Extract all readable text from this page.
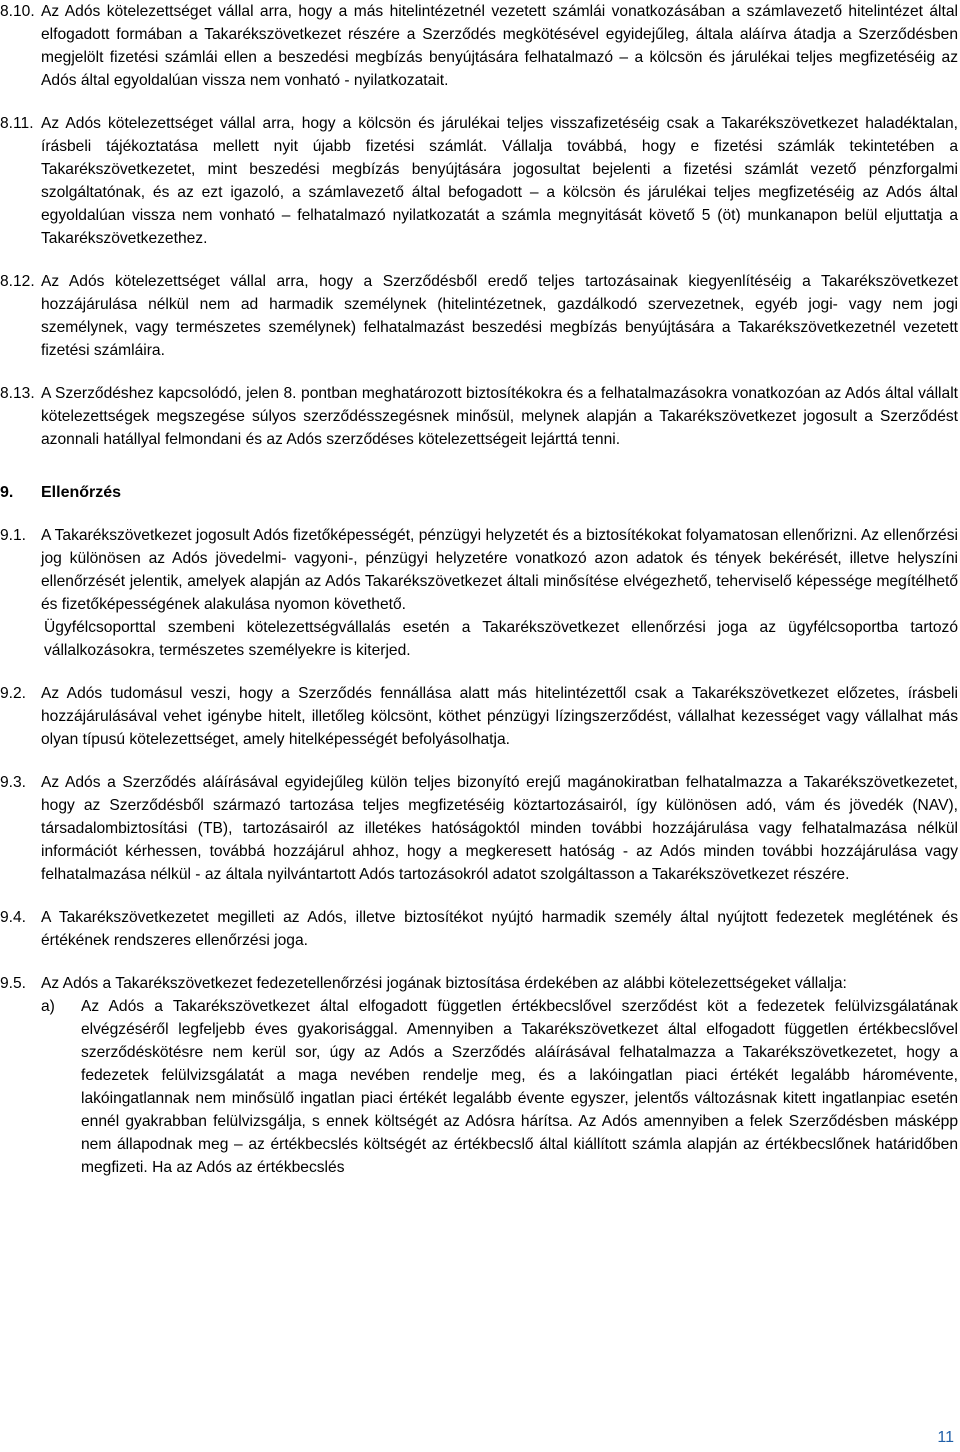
8.10. Az Adós kötelezettséget vállal arra, hogy a más hitelintézetnél vezetett számlái vonatkozásában a számlavezető hitelintézet által elfogadott formában a Takarékszövetkezet részére a Szerződés megkötésével egyidejűleg, általa aláírva átadja a Szerződésben megjelölt fizetési számlái ellen a beszedési megbízás benyújtására felhatalmazó – a kölcsön és járulékai teljes megfizetéséig az Adós által egyoldalúan vissza nem vonható - nyilatkozatait.

8.11. Az Adós kötelezettséget vállal arra, hogy a kölcsön és járulékai teljes visszafizetéséig csak a Takarékszövetkezet haladéktalan, írásbeli tájékoztatása mellett nyit újabb fizetési számlát. Vállalja továbbá, hogy e fizetési számlák tekintetében a Takarékszövetkezetet, mint beszedési megbízás benyújtására jogosultat bejelenti a fizetési számlát vezető pénzforgalmi szolgáltatónak, és az ezt igazoló, a számlavezető által befogadott – a kölcsön és járulékai teljes megfizetéséig az Adós által egyoldalúan vissza nem vonható – felhatalmazó nyilatkozatát a számla megnyitását követő 5 (öt) munkanapon belül eljuttatja a Takarékszövetkezethez.

8.12. Az Adós kötelezettséget vállal arra, hogy a Szerződésből eredő teljes tartozásainak kiegyenlítéséig a Takarékszövetkezet hozzájárulása nélkül nem ad harmadik személynek (hitelintézetnek, gazdálkodó szervezetnek, egyéb jogi- vagy nem jogi személynek, vagy természetes személynek) felhatalmazást beszedési megbízás benyújtására a Takarékszövetkezetnél vezetett fizetési számláira.

8.13. A Szerződéshez kapcsolódó, jelen 8. pontban meghatározott biztosítékokra és a felhatalmazásokra vonatkozóan az Adós által vállalt kötelezettségek megszegése súlyos szerződésszegésnek minősül, melynek alapján a Takarékszövetkezet jogosult a Szerződést azonnali hatállyal felmondani és az Adós szerződéses kötelezettségeit lejárttá tenni.

9. Ellenőrzés

9.1. A Takarékszövetkezet jogosult Adós fizetőképességét, pénzügyi helyzetét és a biztosítékokat folyamatosan ellenőrizni. Az ellenőrzési jog különösen az Adós jövedelmi- vagyoni-, pénzügyi helyzetére vonatkozó azon adatok és tények bekérését, illetve helyszíni ellenőrzését jelentik, amelyek alapján az Adós Takarékszövetkezet általi minősítése elvégezhető, teherviselő képessége megítélhető és fizetőképességének alakulása nyomon követhető.

Ügyfélcsoporttal szembeni kötelezettségvállalás esetén a Takarékszövetkezet ellenőrzési joga az ügyfélcsoportba tartozó vállalkozásokra, természetes személyekre is kiterjed.

9.2. Az Adós tudomásul veszi, hogy a Szerződés fennállása alatt más hitelintézettől csak a Takarékszövetkezet előzetes, írásbeli hozzájárulásával vehet igénybe hitelt, illetőleg kölcsönt, köthet pénzügyi lízingszerződést, vállalhat kezességet vagy vállalhat más olyan típusú kötelezettséget, amely hitelképességét befolyásolhatja.

9.3. Az Adós a Szerződés aláírásával egyidejűleg külön teljes bizonyító erejű magánokiratban felhatalmazza a Takarékszövetkezetet, hogy az Szerződésből származó tartozása teljes megfizetéséig köztartozásairól, így különösen adó, vám és jövedék (NAV), társadalombiztosítási (TB), tartozásairól az illetékes hatóságoktól minden további hozzájárulása vagy felhatalmazása nélkül információt kérhessen, továbbá hozzájárul ahhoz, hogy a megkeresett hatóság - az Adós minden további hozzájárulása vagy felhatalmazása nélkül - az általa nyilvántartott Adós tartozásokról adatot szolgáltasson a Takarékszövetkezet részére.

9.4. A Takarékszövetkezetet megilleti az Adós, illetve biztosítékot nyújtó harmadik személy által nyújtott fedezetek meglétének és értékének rendszeres ellenőrzési joga.

9.5. Az Adós a Takarékszövetkezet fedezetellenőrzési jogának biztosítása érdekében az alábbi kötelezettségeket vállalja:

a) Az Adós a Takarékszövetkezet által elfogadott független értékbecslővel szerződést köt a fedezetek felülvizsgálatának elvégzéséről legfeljebb éves gyakorisággal. Amennyiben a Takarékszövetkezet által elfogadott független értékbecslővel szerződéskötésre nem kerül sor, úgy az Adós a Szerződés aláírásával felhatalmazza a Takarékszövetkezetet, hogy a fedezetek felülvizsgálatát a maga nevében rendelje meg, és a lakóingatlan piaci értékét legalább háromévente, lakóingatlannak nem minősülő ingatlan piaci értékét legalább évente egyszer, jelentős változásnak kitett ingatlanpiac esetén ennél gyakrabban felülvizsgálja, s ennek költségét az Adósra hárítsa. Az Adós amennyiben a felek Szerződésben másképp nem állapodnak meg – az értékbecslés költségét az értékbecslő által kiállított számla alapján az értékbecslőnek határidőben megfizeti. Ha az Adós az értékbecslés
11
